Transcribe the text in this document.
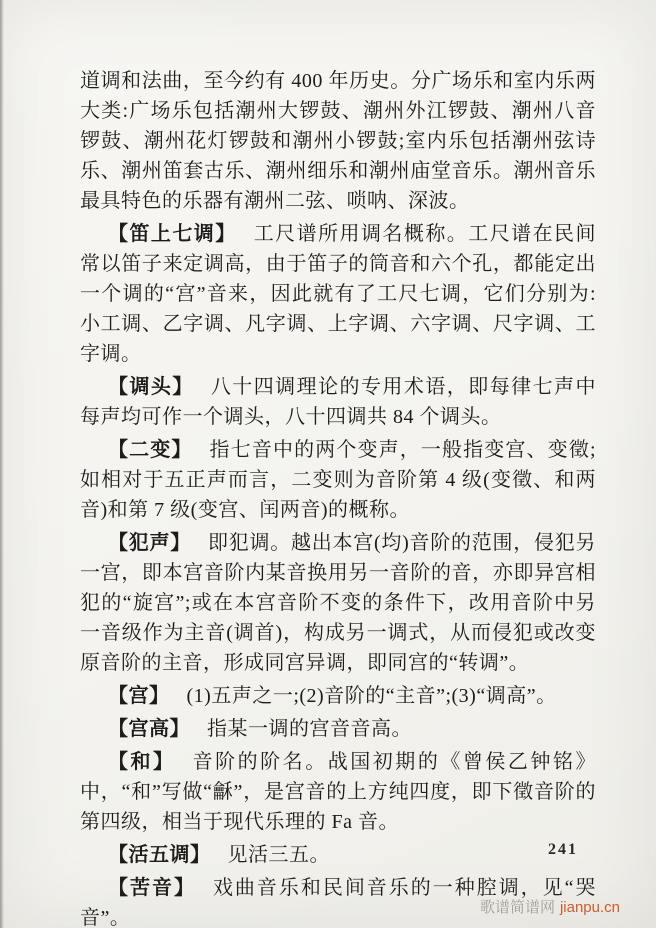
道调和法曲，至今约有 400 年历史。分广场乐和室内乐两大类:广场乐包括潮州大锣鼓、潮州外江锣鼓、潮州八音锣鼓、潮州花灯锣鼓和潮州小锣鼓;室内乐包括潮州弦诗乐、潮州笛套古乐、潮州细乐和潮州庙堂音乐。潮州音乐最具特色的乐器有潮州二弦、唢呐、深波。

【笛上七调】 工尺谱所用调名概称。工尺谱在民间常以笛子来定调高，由于笛子的筒音和六个孔，都能定出一个调的“宫”音来，因此就有了工尺七调，它们分别为:小工调、乙字调、凡字调、上字调、六字调、尺字调、工字调。

【调头】 八十四调理论的专用术语，即每律七声中每声均可作一个调头，八十四调共 84 个调头。

【二变】 指七音中的两个变声，一般指变宫、变徵;如相对于五正声而言，二变则为音阶第 4 级(变徵、和两音)和第 7 级(变宫、闰两音)的概称。

【犯声】 即犯调。越出本宫(均)音阶的范围，侵犯另一宫，即本宫音阶内某音换用另一音阶的音，亦即异宫相犯的“旋宫”;或在本宫音阶不变的条件下，改用音阶中另一音级作为主音(调首)，构成另一调式，从而侵犯或改变原音阶的主音，形成同宫异调，即同宫的“转调”。

【宫】 (1)五声之一;(2)音阶的“主音”;(3)“调高”。

【宫高】 指某一调的宫音音高。

【和】 音阶的阶名。战国初期的《曾侯乙钟铭》中，“和”写做“龢”，是宫音的上方纯四度，即下徵音阶的第四级，相当于现代乐理的 Fa 音。

【活五调】 见活三五。

【苦音】 戏曲音乐和民间音乐的一种腔调，见“哭音”。

241
歌谱简谱网 jianpu.cn
